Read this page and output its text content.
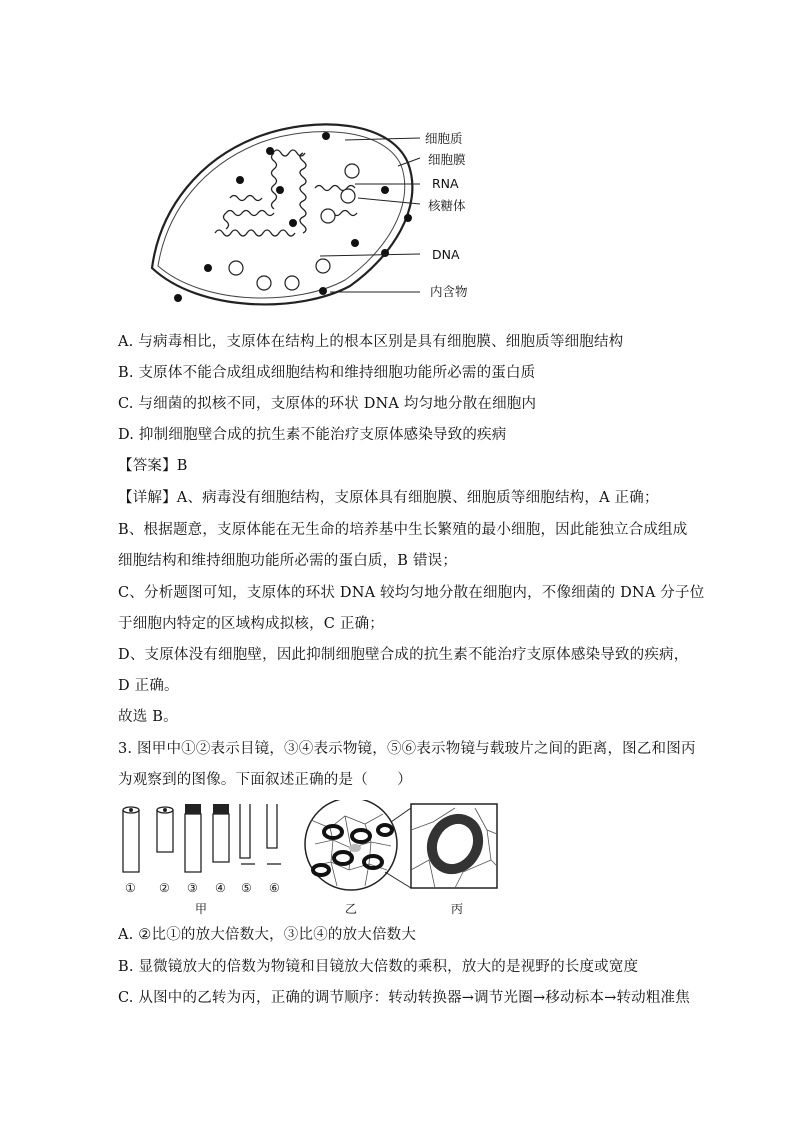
细胞质
细胞膜
RNA
核糖体
DNA
内含物
A. 与病毒相比，支原体在结构上的根本区别是具有细胞膜、细胞质等细胞结构
B. 支原体不能合成组成细胞结构和维持细胞功能所必需的蛋白质
C. 与细菌的拟核不同，支原体的环状 DNA 均匀地分散在细胞内
D. 抑制细胞壁合成的抗生素不能治疗支原体感染导致的疾病
【答案】B
【详解】A、病毒没有细胞结构，支原体具有细胞膜、细胞质等细胞结构，A 正确；
B、根据题意，支原体能在无生命的培养基中生长繁殖的最小细胞，因此能独立合成组成
细胞结构和维持细胞功能所必需的蛋白质，B 错误；
C、分析题图可知，支原体的环状 DNA 较均匀地分散在细胞内，不像细菌的 DNA 分子位
于细胞内特定的区域构成拟核，C 正确；
D、支原体没有细胞壁，因此抑制细胞壁合成的抗生素不能治疗支原体感染导致的疾病，
D 正确。
故选 B。
3. 图甲中①②表示目镜，③④表示物镜，⑤⑥表示物镜与载玻片之间的距离，图乙和图丙
为观察到的图像。下面叙述正确的是（　　）
① ② ③ ④ ⑤ ⑥
甲	乙	丙
A. ②比①的放大倍数大，③比④的放大倍数大
B. 显微镜放大的倍数为物镜和目镜放大倍数的乘积，放大的是视野的长度或宽度
C. 从图中的乙转为丙，正确的调节顺序：转动转换器→调节光圈→移动标本→转动粗准焦
